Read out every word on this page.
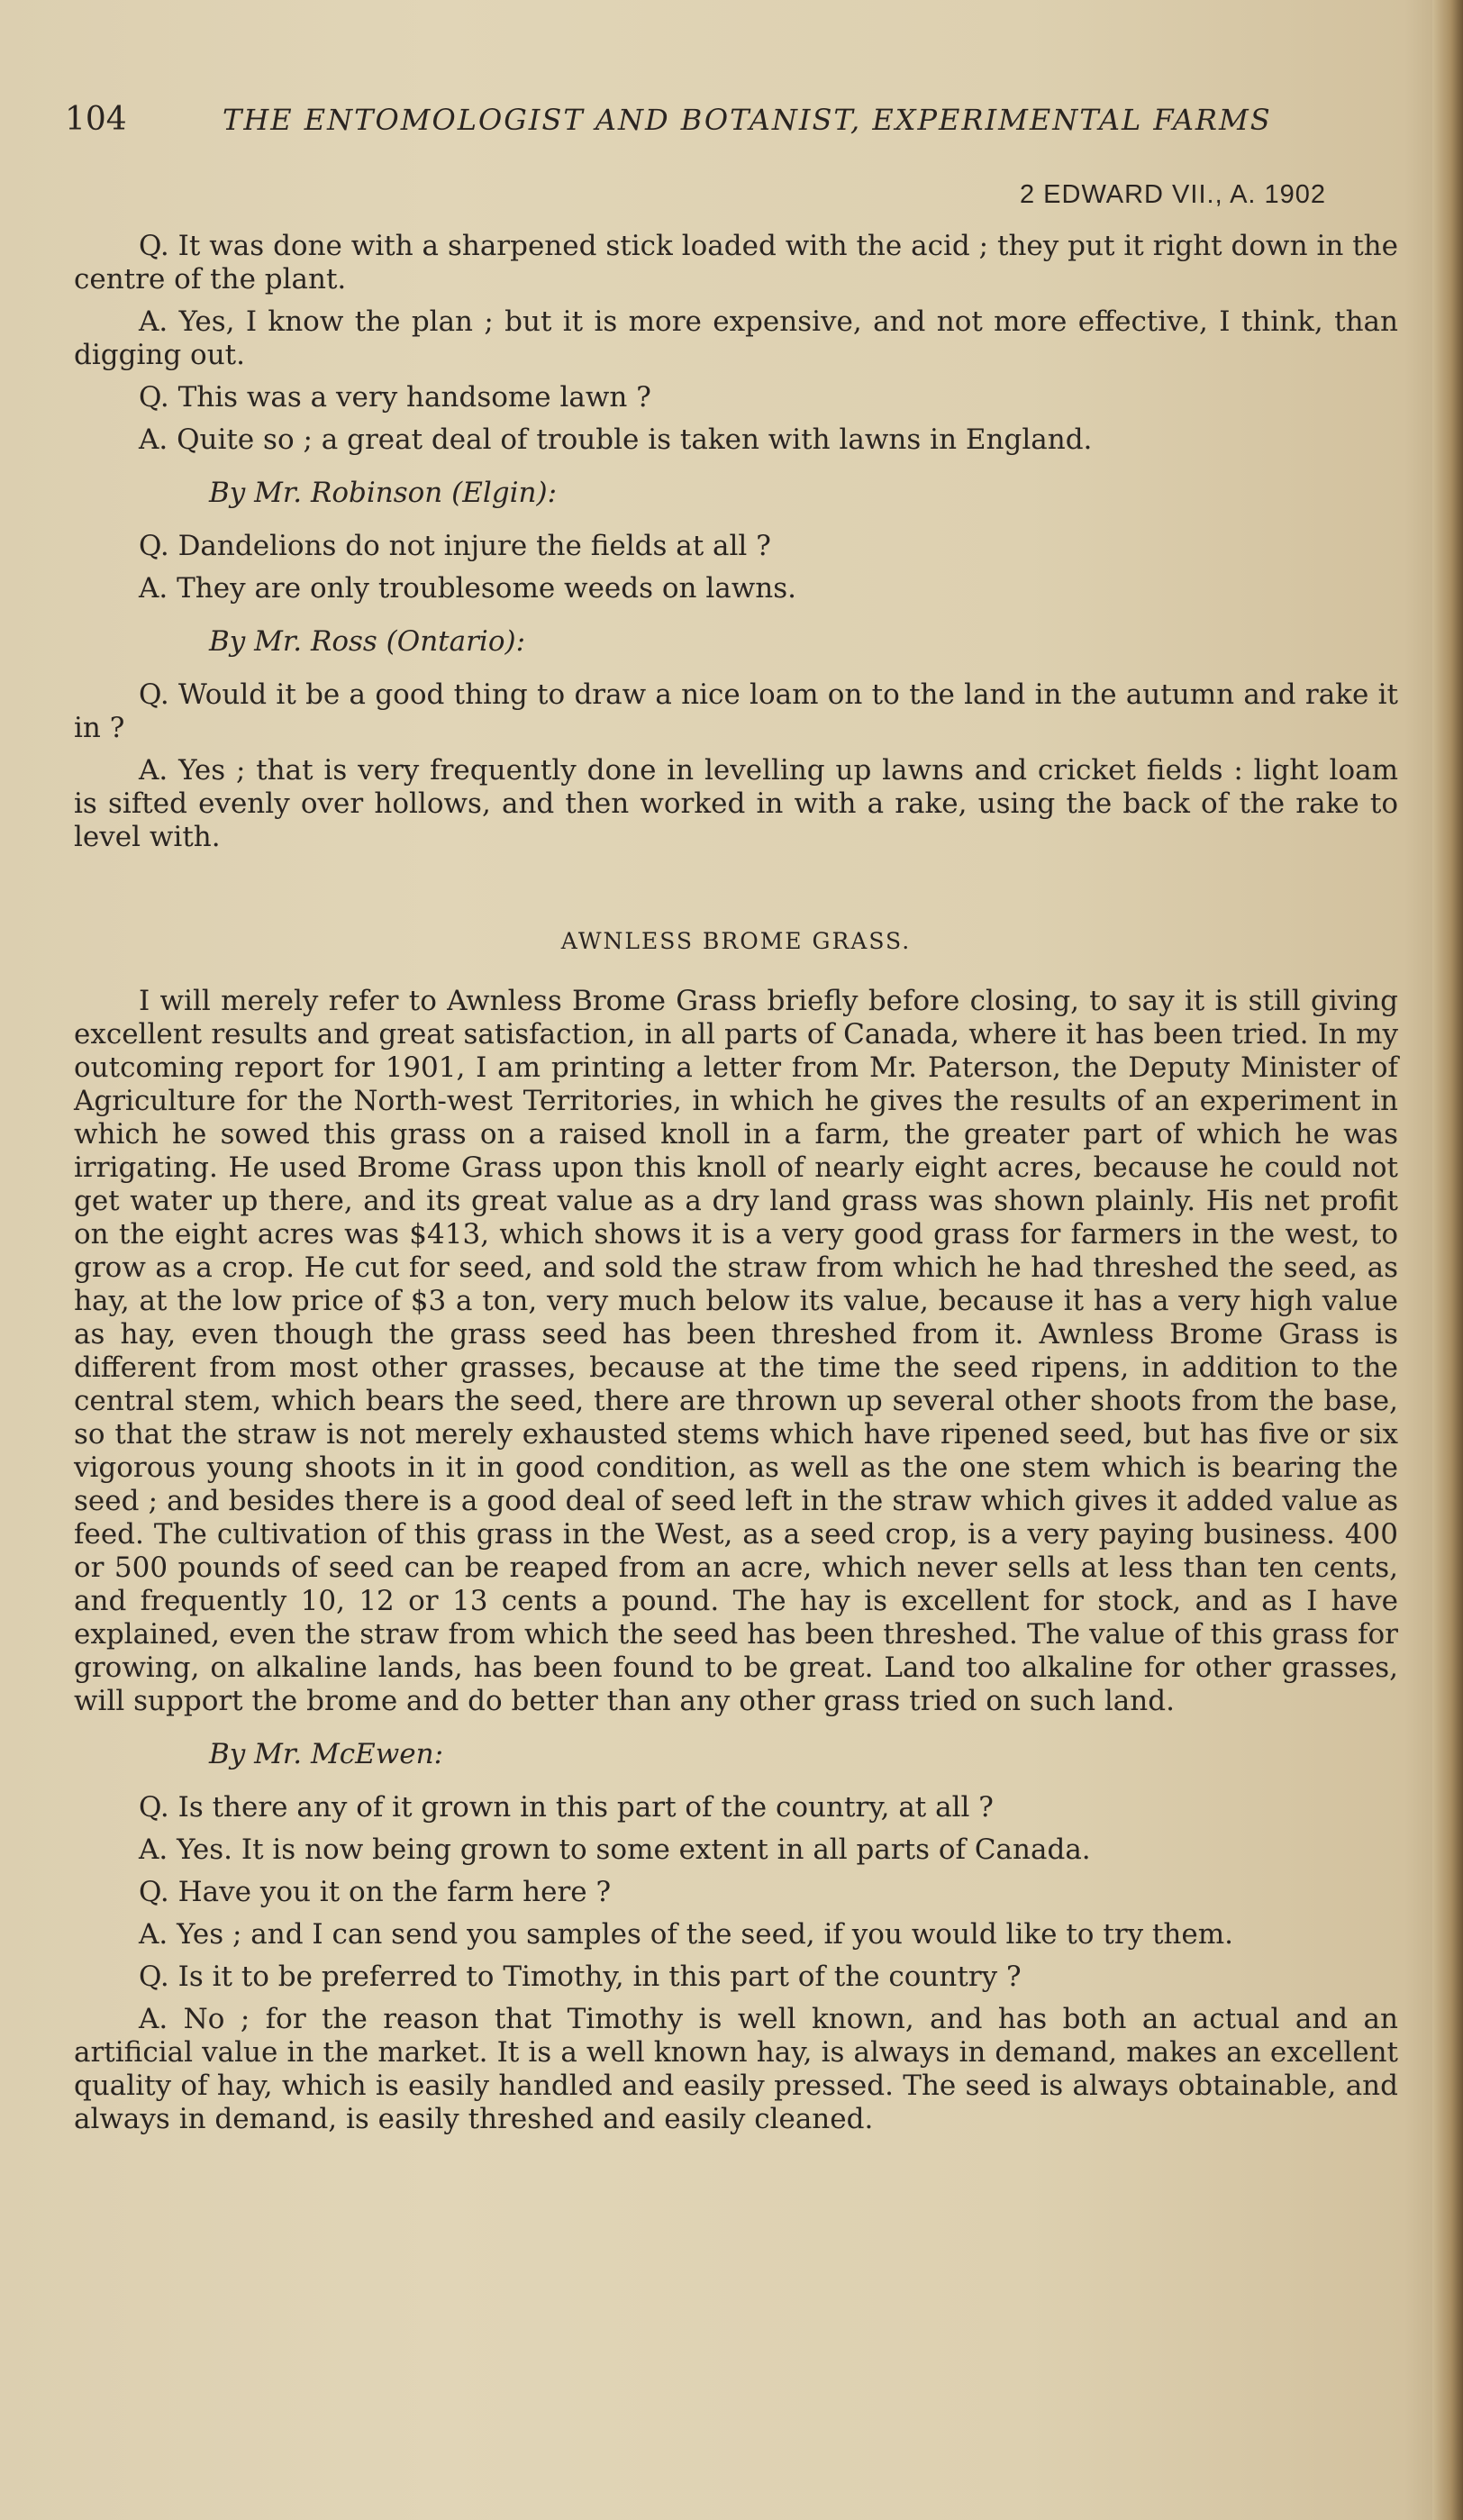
104	THE ENTOMOLOGIST AND BOTANIST, EXPERIMENTAL FARMS
2 EDWARD VII., A. 1902

Q. It was done with a sharpened stick loaded with the acid ; they put it right down in the centre of the plant.

A. Yes, I know the plan ; but it is more expensive, and not more effective, I think, than digging out.

Q. This was a very handsome lawn ?

A. Quite so ; a great deal of trouble is taken with lawns in England.

By Mr. Robinson (Elgin):

Q. Dandelions do not injure the fields at all ?

A. They are only troublesome weeds on lawns.

By Mr. Ross (Ontario):

Q. Would it be a good thing to draw a nice loam on to the land in the autumn and rake it in ?

A. Yes ; that is very frequently done in levelling up lawns and cricket fields : light loam is sifted evenly over hollows, and then worked in with a rake, using the back of the rake to level with.

AWNLESS BROME GRASS.

I will merely refer to Awnless Brome Grass briefly before closing, to say it is still giving excellent results and great satisfaction, in all parts of Canada, where it has been tried. In my outcoming report for 1901, I am printing a letter from Mr. Paterson, the Deputy Minister of Agriculture for the North-west Territories, in which he gives the results of an experiment in which he sowed this grass on a raised knoll in a farm, the greater part of which he was irrigating. He used Brome Grass upon this knoll of nearly eight acres, because he could not get water up there, and its great value as a dry land grass was shown plainly. His net profit on the eight acres was $413, which shows it is a very good grass for farmers in the west, to grow as a crop. He cut for seed, and sold the straw from which he had threshed the seed, as hay, at the low price of $3 a ton, very much below its value, because it has a very high value as hay, even though the grass seed has been threshed from it. Awnless Brome Grass is different from most other grasses, because at the time the seed ripens, in addition to the central stem, which bears the seed, there are thrown up several other shoots from the base, so that the straw is not merely exhausted stems which have ripened seed, but has five or six vigorous young shoots in it in good condition, as well as the one stem which is bearing the seed ; and besides there is a good deal of seed left in the straw which gives it added value as feed. The cultivation of this grass in the West, as a seed crop, is a very paying business. 400 or 500 pounds of seed can be reaped from an acre, which never sells at less than ten cents, and frequently 10, 12 or 13 cents a pound. The hay is excellent for stock, and as I have explained, even the straw from which the seed has been threshed. The value of this grass for growing, on alkaline lands, has been found to be great. Land too alkaline for other grasses, will support the brome and do better than any other grass tried on such land.

By Mr. McEwen:

Q. Is there any of it grown in this part of the country, at all ?

A. Yes. It is now being grown to some extent in all parts of Canada.

Q. Have you it on the farm here ?

A. Yes ; and I can send you samples of the seed, if you would like to try them.

Q. Is it to be preferred to Timothy, in this part of the country ?

A. No ; for the reason that Timothy is well known, and has both an actual and an artificial value in the market. It is a well known hay, is always in demand, makes an excellent quality of hay, which is easily handled and easily pressed. The seed is always obtainable, and always in demand, is easily threshed and easily cleaned.
